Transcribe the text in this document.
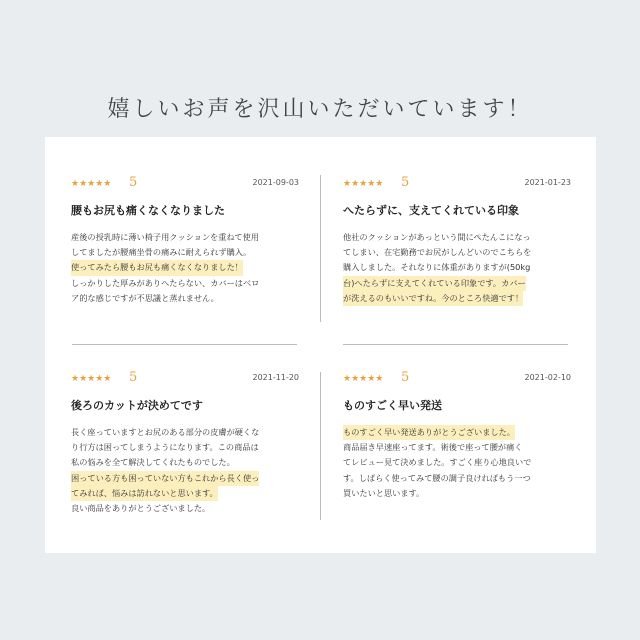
嬉しいお声を沢山いただいています！
★★★★★ 5	2021-09-03
腰もお尻も痛くなくなりました
産後の授乳時に薄い椅子用クッションを重ねて使用
してましたが腰痛坐骨の痛みに耐えられず購入。
使ってみたら腰もお尻も痛くなくなりました！
しっかりした厚みがありへたらない、カバーはベロ
ア的な感じですが不思議と蒸れません。
★★★★★ 5	2021-01-23
へたらずに、支えてくれている印象
他社のクッションがあっという間にぺたんこになっ
てしまい、在宅勤務でお尻がしんどいのでこちらを
購入しました。それなりに体重がありますが(50kg
台)へたらずに支えてくれている印象です。カバー
が洗えるのもいいですね。今のところ快適です！
★★★★★ 5	2021-11-20
後ろのカットが決めてです
長く座っていますとお尻のある部分の皮膚が硬くな
り行方は困ってしまうようになります。この商品は
私の悩みを全て解決してくれたものでした。
困っている方も困っていない方もこれから長く使っ
てみれば、悩みは訪れないと思います。
良い商品をありがとうございました。
★★★★★ 5	2021-02-10
ものすごく早い発送
ものすごく早い発送ありがとうございました。
商品届き早速座ってます。術後で座って腰が痛く
てレビュー見て決めました。すごく座り心地良いで
す。しばらく使ってみて腰の調子良ければもう一つ
買いたいと思います。
